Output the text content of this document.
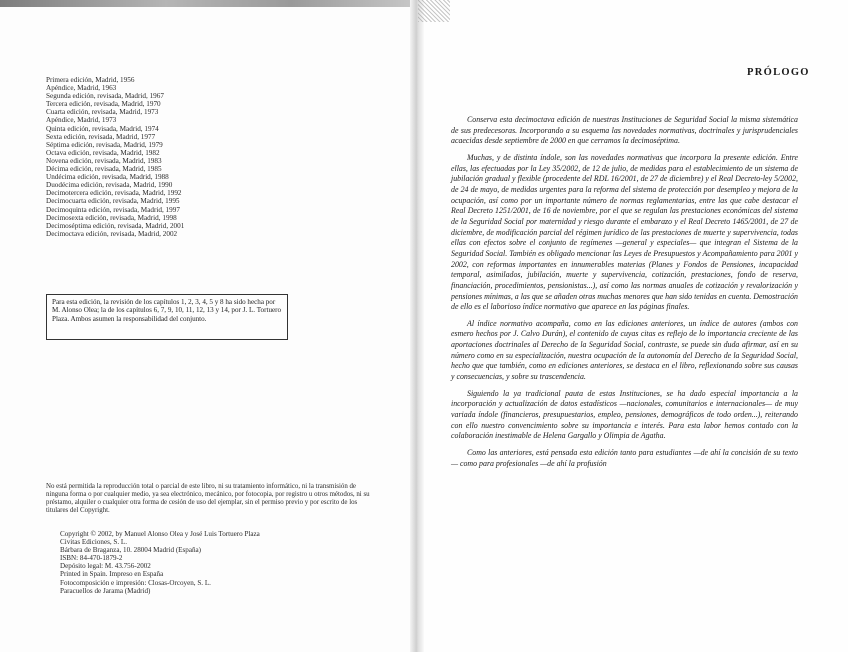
Primera edición, Madrid, 1956
Apéndice, Madrid, 1963
Segunda edición, revisada, Madrid, 1967
Tercera edición, revisada, Madrid, 1970
Cuarta edición, revisada, Madrid, 1973
Apéndice, Madrid, 1973
Quinta edición, revisada, Madrid, 1974
Sexta edición, revisada, Madrid, 1977
Séptima edición, revisada, Madrid, 1979
Octava edición, revisada, Madrid, 1982
Novena edición, revisada, Madrid, 1983
Décima edición, revisada, Madrid, 1985
Undécima edición, revisada, Madrid, 1988
Duodécima edición, revisada, Madrid, 1990
Decimotercera edición, revisada, Madrid, 1992
Decimocuarta edición, revisada, Madrid, 1995
Decimoquinta edición, revisada, Madrid, 1997
Decimosexta edición, revisada, Madrid, 1998
Decimoséptima edición, revisada, Madrid, 2001
Decimoctava edición, revisada, Madrid, 2002
Para esta edición, la revisión de los capítulos 1, 2, 3, 4, 5 y 8 ha sido hecha por M. Alonso Olea; la de los capítulos 6, 7, 9, 10, 11, 12, 13 y 14, por J. L. Tortuero Plaza. Ambos asumen la responsabilidad del conjunto.
No está permitida la reproducción total o parcial de este libro, ni su tratamiento informático, ni la transmisión de ninguna forma o por cualquier medio, ya sea electrónico, mecánico, por fotocopia, por registro u otros métodos, ni su préstamo, alquiler o cualquier otra forma de cesión de uso del ejemplar, sin el permiso previo y por escrito de los titulares del Copyright.
Copyright © 2002, by Manuel Alonso Olea y José Luis Tortuero Plaza
Civitas Ediciones, S. L.
Bárbara de Braganza, 10. 28004 Madrid (España)
ISBN: 84-470-1879-2
Depósito legal: M. 43.756-2002
Printed in Spain. Impreso en España
Fotocomposición e impresión: Closas-Orcoyen, S. L.
Paracuellos de Jarama (Madrid)
PRÓLOGO

Conserva esta decimoctava edición de nuestras Instituciones de Seguridad Social la misma sistemática de sus predecesoras. Incorporando a su esquema las novedades normativas, doctrinales y jurisprudenciales acaecidas desde septiembre de 2000 en que cerramos la decimoséptima.

Muchas, y de distinta índole, son las novedades normativas que incorpora la presente edición. Entre ellas, las efectuadas por la Ley 35/2002, de 12 de julio, de medidas para el establecimiento de un sistema de jubilación gradual y flexible (procedente del RDL 16/2001, de 27 de diciembre) y el Real Decreto-ley 5/2002, de 24 de mayo, de medidas urgentes para la reforma del sistema de protección por desempleo y mejora de la ocupación, así como por un importante número de normas reglamentarias, entre las que cabe destacar el Real Decreto 1251/2001, de 16 de noviembre, por el que se regulan las prestaciones económicas del sistema de la Seguridad Social por maternidad y riesgo durante el embarazo y el Real Decreto 1465/2001, de 27 de diciembre, de modificación parcial del régimen jurídico de las prestaciones de muerte y supervivencia, todas ellas con efectos sobre el conjunto de regímenes —general y especiales— que integran el Sistema de la Seguridad Social. También es obligado mencionar las Leyes de Presupuestos y Acompañamiento para 2001 y 2002, con reformas importantes en innumerables materias (Planes y Fondos de Pensiones, incapacidad temporal, asimilados, jubilación, muerte y supervivencia, cotización, prestaciones, fondo de reserva, financiación, procedimientos, pensionistas...), así como las normas anuales de cotización y revalorización y pensiones mínimas, a las que se añaden otras muchas menores que han sido tenidas en cuenta. Demostración de ello es el laborioso índice normativo que aparece en las páginas finales.

Al índice normativo acompaña, como en las ediciones anteriores, un índice de autores (ambos con esmero hechos por J. Calvo Durán), el contenido de cuyas citas es reflejo de lo importancia creciente de las aportaciones doctrinales al Derecho de la Seguridad Social, contraste, se puede sin duda afirmar, así en su número como en su especialización, nuestra ocupación de la autonomía del Derecho de la Seguridad Social, hecho que que también, como en ediciones anteriores, se destaca en el libro, reflexionando sobre sus causas y consecuencias, y sobre su trascendencia.

Siguiendo la ya tradicional pauta de estas Instituciones, se ha dado especial importancia a la incorporación y actualización de datos estadísticos —nacionales, comunitarios e internacionales— de muy variada índole (financieros, presupuestarios, empleo, pensiones, demográficos de todo orden...), reiterando con ello nuestro convencimiento sobre su importancia e interés. Para esta labor hemos contado con la colaboración inestimable de Helena Gargallo y Olimpia de Agatha.

Como las anteriores, está pensada esta edición tanto para estudiantes —de ahí la concisión de su texto— como para profesionales —de ahí la profusión
